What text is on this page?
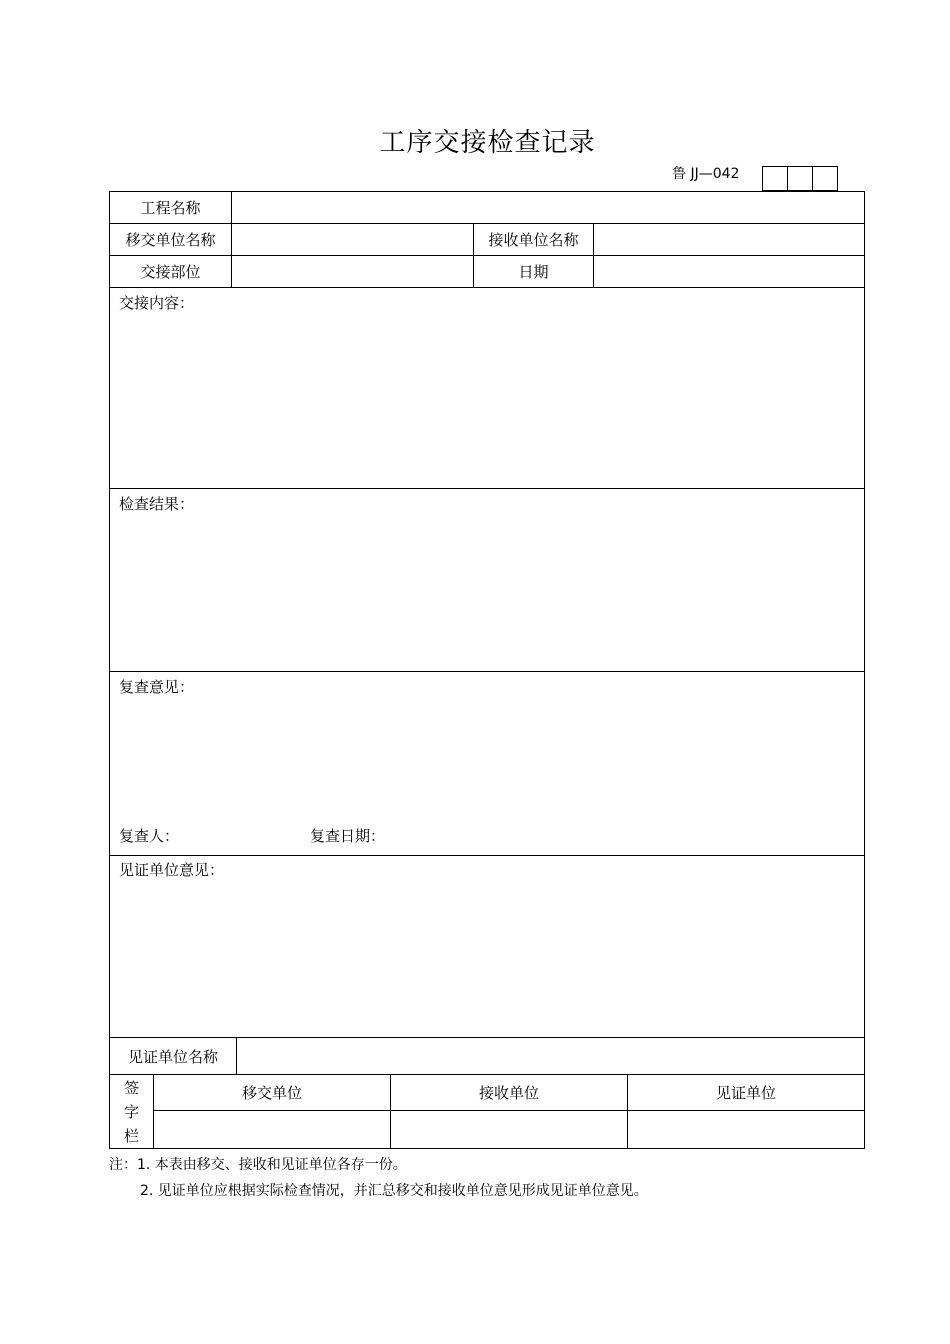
工序交接检查记录
鲁 JJ—042
工程名称
移交单位名称	接收单位名称
交接部位	日期
交接内容：
检查结果：
复查意见：
复查人：	复查日期：
见证单位意见：
见证单位名称
签
字
栏
移交单位	接收单位	见证单位
注：1. 本表由移交、接收和见证单位各存一份。
2. 见证单位应根据实际检查情况，并汇总移交和接收单位意见形成见证单位意见。
